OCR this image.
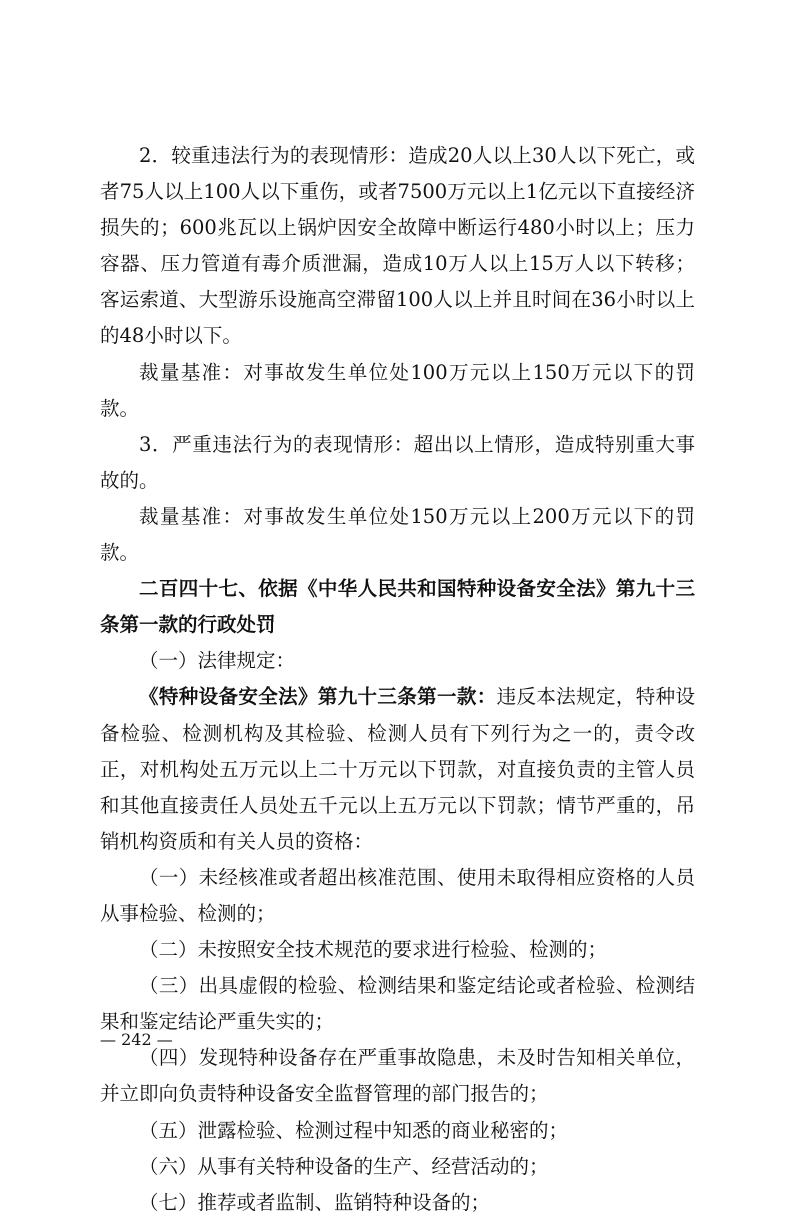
2．较重违法行为的表现情形：造成20人以上30人以下死亡，或者75人以上100人以下重伤，或者7500万元以上1亿元以下直接经济损失的；600兆瓦以上锅炉因安全故障中断运行480小时以上；压力容器、压力管道有毒介质泄漏，造成10万人以上15万人以下转移；客运索道、大型游乐设施高空滞留100人以上并且时间在36小时以上的48小时以下。

裁量基准：对事故发生单位处100万元以上150万元以下的罚款。

3．严重违法行为的表现情形：超出以上情形，造成特别重大事故的。

裁量基准：对事故发生单位处150万元以上200万元以下的罚款。

二百四十七、依据《中华人民共和国特种设备安全法》第九十三条第一款的行政处罚

（一）法律规定：

《特种设备安全法》第九十三条第一款：违反本法规定，特种设备检验、检测机构及其检验、检测人员有下列行为之一的，责令改正，对机构处五万元以上二十万元以下罚款，对直接负责的主管人员和其他直接责任人员处五千元以上五万元以下罚款；情节严重的，吊销机构资质和有关人员的资格：

（一）未经核准或者超出核准范围、使用未取得相应资格的人员从事检验、检测的；

（二）未按照安全技术规范的要求进行检验、检测的；

（三）出具虚假的检验、检测结果和鉴定结论或者检验、检测结果和鉴定结论严重失实的；

（四）发现特种设备存在严重事故隐患，未及时告知相关单位，并立即向负责特种设备安全监督管理的部门报告的；

（五）泄露检验、检测过程中知悉的商业秘密的；

（六）从事有关特种设备的生产、经营活动的；

（七）推荐或者监制、监销特种设备的；

— 242 —
